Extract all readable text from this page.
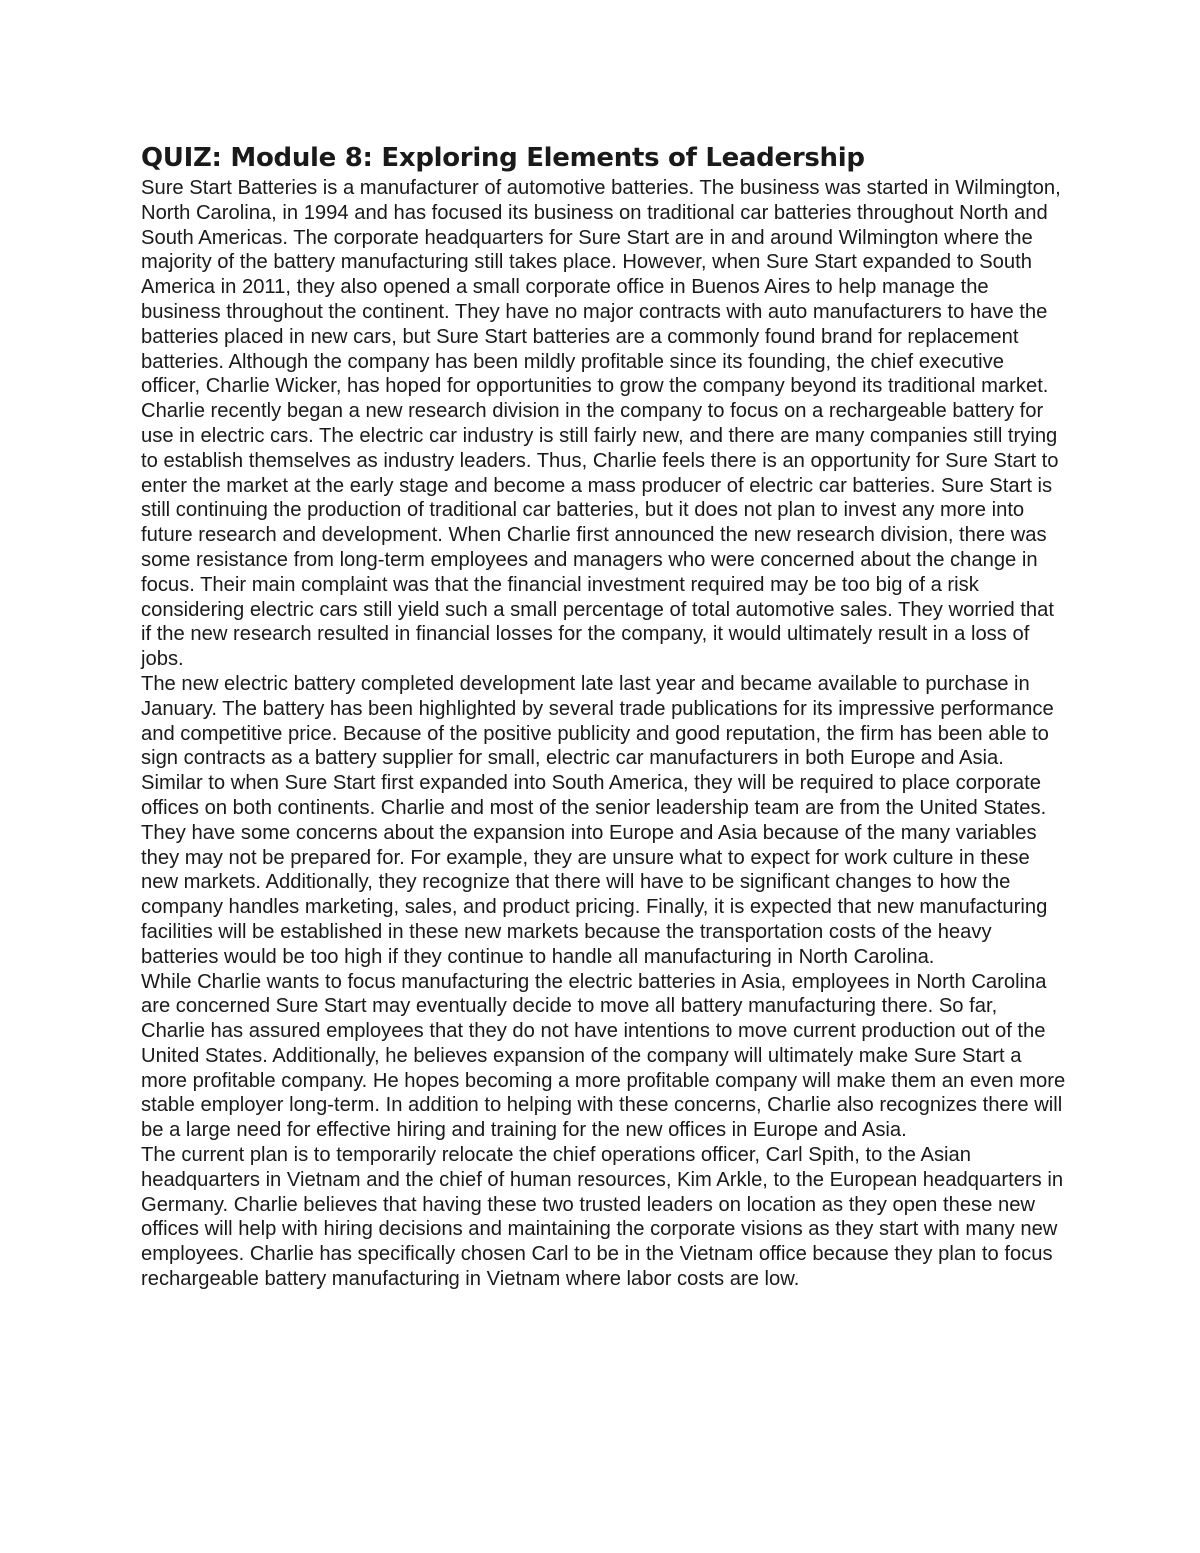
QUIZ: Module 8: Exploring Elements of Leadership

Sure Start Batteries is a manufacturer of automotive batteries. The business was started in Wilmington, North Carolina, in 1994 and has focused its business on traditional car batteries throughout North and South Americas. The corporate headquarters for Sure Start are in and around Wilmington where the majority of the battery manufacturing still takes place. However, when Sure Start expanded to South America in 2011, they also opened a small corporate office in Buenos Aires to help manage the business throughout the continent. They have no major contracts with auto manufacturers to have the batteries placed in new cars, but Sure Start batteries are a commonly found brand for replacement batteries. Although the company has been mildly profitable since its founding, the chief executive officer, Charlie Wicker, has hoped for opportunities to grow the company beyond its traditional market.

Charlie recently began a new research division in the company to focus on a rechargeable battery for use in electric cars. The electric car industry is still fairly new, and there are many companies still trying to establish themselves as industry leaders. Thus, Charlie feels there is an opportunity for Sure Start to enter the market at the early stage and become a mass producer of electric car batteries. Sure Start is still continuing the production of traditional car batteries, but it does not plan to invest any more into future research and development. When Charlie first announced the new research division, there was some resistance from long-term employees and managers who were concerned about the change in focus. Their main complaint was that the financial investment required may be too big of a risk considering electric cars still yield such a small percentage of total automotive sales. They worried that if the new research resulted in financial losses for the company, it would ultimately result in a loss of jobs.

The new electric battery completed development late last year and became available to purchase in January. The battery has been highlighted by several trade publications for its impressive performance and competitive price. Because of the positive publicity and good reputation, the firm has been able to sign contracts as a battery supplier for small, electric car manufacturers in both Europe and Asia. Similar to when Sure Start first expanded into South America, they will be required to place corporate offices on both continents. Charlie and most of the senior leadership team are from the United States. They have some concerns about the expansion into Europe and Asia because of the many variables they may not be prepared for. For example, they are unsure what to expect for work culture in these new markets. Additionally, they recognize that there will have to be significant changes to how the company handles marketing, sales, and product pricing. Finally, it is expected that new manufacturing facilities will be established in these new markets because the transportation costs of the heavy batteries would be too high if they continue to handle all manufacturing in North Carolina.

While Charlie wants to focus manufacturing the electric batteries in Asia, employees in North Carolina are concerned Sure Start may eventually decide to move all battery manufacturing there. So far, Charlie has assured employees that they do not have intentions to move current production out of the United States. Additionally, he believes expansion of the company will ultimately make Sure Start a more profitable company. He hopes becoming a more profitable company will make them an even more stable employer long-term. In addition to helping with these concerns, Charlie also recognizes there will be a large need for effective hiring and training for the new offices in Europe and Asia.

The current plan is to temporarily relocate the chief operations officer, Carl Spith, to the Asian headquarters in Vietnam and the chief of human resources, Kim Arkle, to the European headquarters in Germany. Charlie believes that having these two trusted leaders on location as they open these new offices will help with hiring decisions and maintaining the corporate visions as they start with many new employees. Charlie has specifically chosen Carl to be in the Vietnam office because they plan to focus rechargeable battery manufacturing in Vietnam where labor costs are low.
